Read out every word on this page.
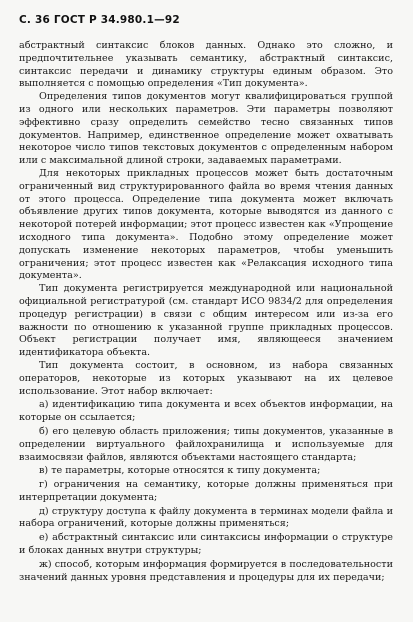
С. 36 ГОСТ Р 34.980.1—92

абстрактный синтаксис блоков данных. Однако это сложно, и предпочтительнее указывать семантику, абстрактный синтаксис, синтаксис передачи и динамику структуры единым образом. Это выполняется с помощью определения «Тип документа».

Определения типов документов могут квалифицироваться группой из одного или нескольких параметров. Эти параметры позволяют эффективно сразу определить семейство тесно связанных типов документов. Например, единственное определение может охватывать некоторое число типов текстовых документов с определенным набором или с максимальной длиной строки, задаваемых параметрами.

Для некоторых прикладных процессов может быть достаточным ограниченный вид структурированного файла во время чтения данных от этого процесса. Определение типа документа может включать объявление других типов документа, которые выводятся из данного с некоторой потерей информации; этот процесс известен как «Упрощение исходного типа документа». Подобно этому определение может допускать изменение некоторых параметров, чтобы уменьшить ограничения; этот процесс известен как «Релаксация исходного типа документа».

Тип документа регистрируется международной или национальной официальной регистратурой (см. стандарт ИСО 9834/2 для определения процедур регистрации) в связи с общим интересом или из-за его важности по отношению к указанной группе прикладных процессов. Объект регистрации получает имя, являющееся значением идентификатора объекта.

Тип документа состоит, в основном, из набора связанных операторов, некоторые из которых указывают на их целевое использование. Этот набор включает:

а) идентификацию типа документа и всех объектов информации, на которые он ссылается;

б) его целевую область приложения; типы документов, указанные в определении виртуального файлохранилища и используемые для взаимосвязи файлов, являются объектами настоящего стандарта;

в) те параметры, которые относятся к типу документа;

г) ограничения на семантику, которые должны применяться при интерпретации документа;

д) структуру доступа к файлу документа в терминах модели файла и набора ограничений, которые должны применяться;

е) абстрактный синтаксис или синтаксисы информации о структуре и блоках данных внутри структуры;

ж) способ, которым информация формируется в последовательности значений данных уровня представления и процедуры для их передачи;
